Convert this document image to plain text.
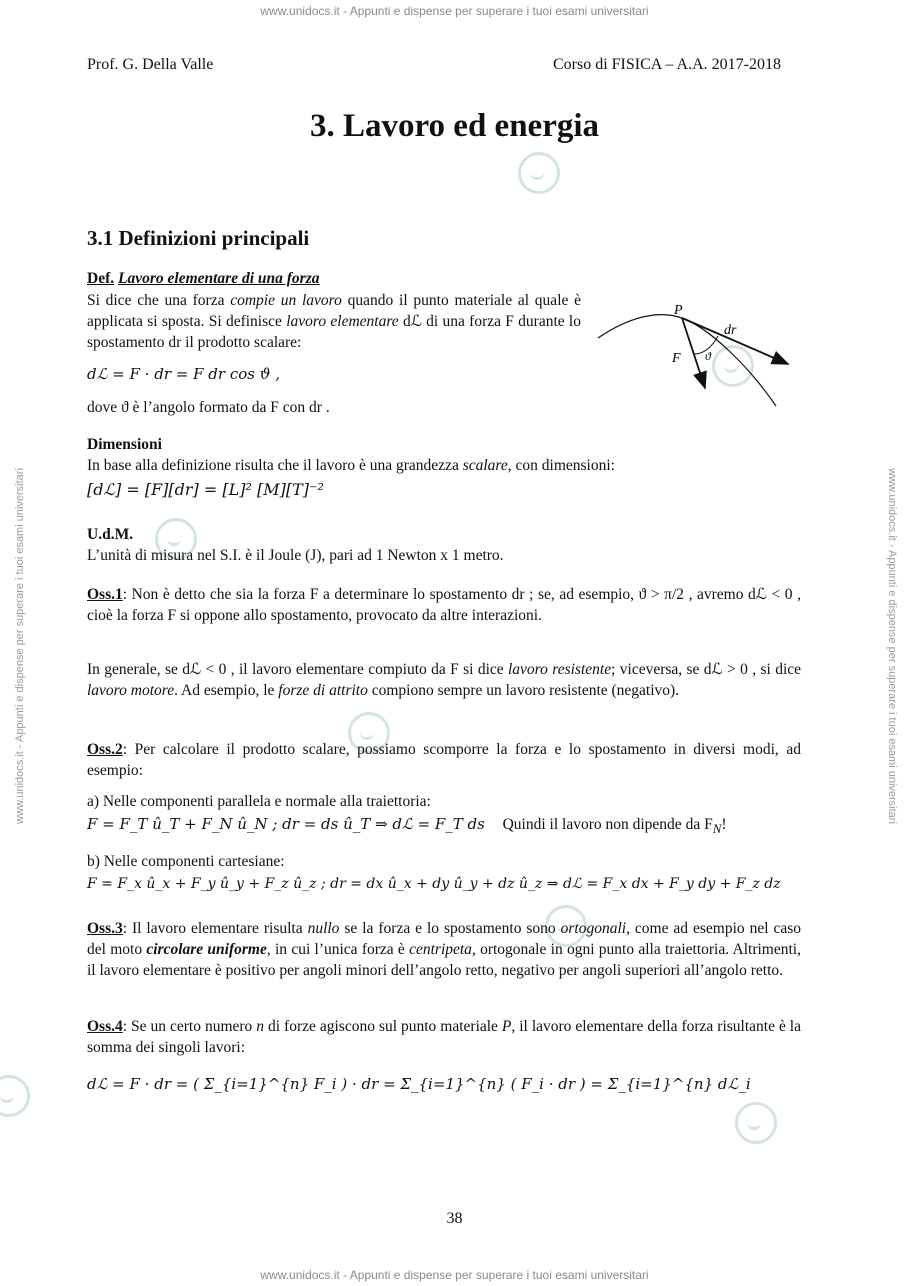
www.unidocs.it - Appunti e dispense per superare i tuoi esami universitari
www.unidocs.it - Appunti e dispense per superare i tuoi esami universitari
www.unidocs.it - Appunti e dispense per superare i tuoi esami universitari	www.unidocs.it - Appunti e dispense per superare i tuoi esami universitari
Prof. G. Della Valle	Corso di FISICA – A.A. 2017-2018
3. Lavoro ed energia
3.1 Definizioni principali
Def. Lavoro elementare di una forza
Si dice che una forza compie un lavoro quando il punto materiale al quale è applicata si sposta. Si definisce lavoro elementare dℒ di una forza F durante lo spostamento dr il prodotto scalare:
dℒ = F · dr = F dr cos ϑ ,
dove ϑ è l’angolo formato da F con dr .
P
F
dr
ϑ
Dimensioni
In base alla definizione risulta che il lavoro è una grandezza scalare, con dimensioni:
[dℒ] = [F][dr] = [L]² [M][T]⁻²
U.d.M.
L’unità di misura nel S.I. è il Joule (J), pari ad 1 Newton x 1 metro.
Oss.1: Non è detto che sia la forza F a determinare lo spostamento dr ; se, ad esempio, ϑ > π/2 , avremo dℒ < 0 , cioè la forza F si oppone allo spostamento, provocato da altre interazioni.
In generale, se dℒ < 0 , il lavoro elementare compiuto da F si dice lavoro resistente; viceversa, se dℒ > 0 , si dice lavoro motore. Ad esempio, le forze di attrito compiono sempre un lavoro resistente (negativo).
Oss.2: Per calcolare il prodotto scalare, possiamo scomporre la forza e lo spostamento in diversi modi, ad esempio:
a) Nelle componenti parallela e normale alla traiettoria:
F = F_T û_T + F_N û_N ; dr = ds û_T ⇒ dℒ = F_T ds Quindi il lavoro non dipende da $F_N$!
b) Nelle componenti cartesiane:
F = F_x û_x + F_y û_y + F_z û_z ; dr = dx û_x + dy û_y + dz û_z ⇒ dℒ = F_x dx + F_y dy + F_z dz
Oss.3: Il lavoro elementare risulta nullo se la forza e lo spostamento sono ortogonali, come ad esempio nel caso del moto circolare uniforme, in cui l’unica forza è centripeta, ortogonale in ogni punto alla traiettoria. Altrimenti, il lavoro elementare è positivo per angoli minori dell’angolo retto, negativo per angoli superiori all’angolo retto.
Oss.4: Se un certo numero n di forze agiscono sul punto materiale P, il lavoro elementare della forza risultante è la somma dei singoli lavori:
dℒ = F · dr = ( Σ_{i=1}^{n} F_i ) · dr = Σ_{i=1}^{n} ( F_i · dr ) = Σ_{i=1}^{n} dℒ_i
38
